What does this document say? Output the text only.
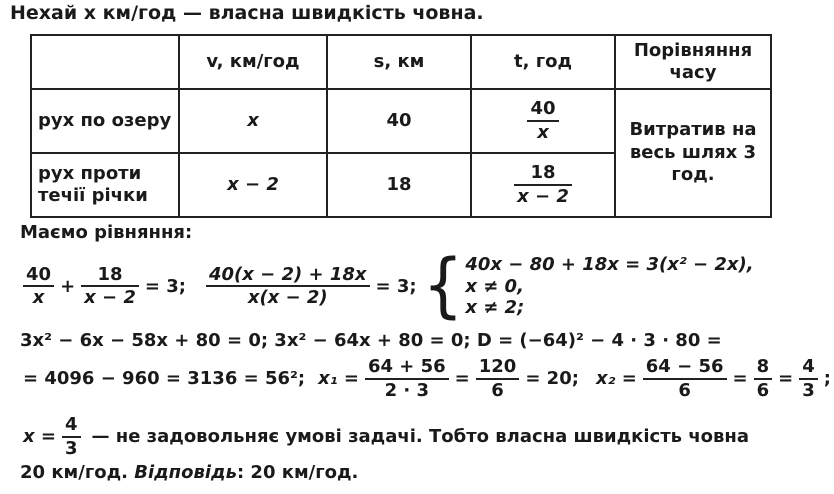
Нехай x км/год — власна швидкість човна.
	v, км/год	s, км	t, год	Порівняння часу
рух по озеру	x	40	$\frac{40}{x}$	Витратив на весь шлях 3 год.
рух проти течії річки	x − 2	18	$\frac{18}{x - 2}$
Маємо рівняння:
$\frac{40}{x} + \frac{18}{x - 2} = 3$; $\frac{40(x - 2) + 18x}{x(x - 2)} = 3$; { 40x − 80 + 18x = 3(x² − 2x),
x ≠ 0,
x ≠ 2;
3x² − 6x − 58x + 80 = 0; 3x² − 64x + 80 = 0; D = (−64)² − 4 · 3 · 80 =
= 4096 − 960 = 3136 = 56²; $x_1 = \frac{64 + 56}{2 \cdot 3} = \frac{120}{6} = 20$; $x_2 = \frac{64 - 56}{6} = \frac{8}{6} = \frac{4}{3}$ ;
$x = \frac{4}{3}$ — не задовольняє умові задачі. Тобто власна швидкість човна
20 км/год. Відповідь: 20 км/год.
